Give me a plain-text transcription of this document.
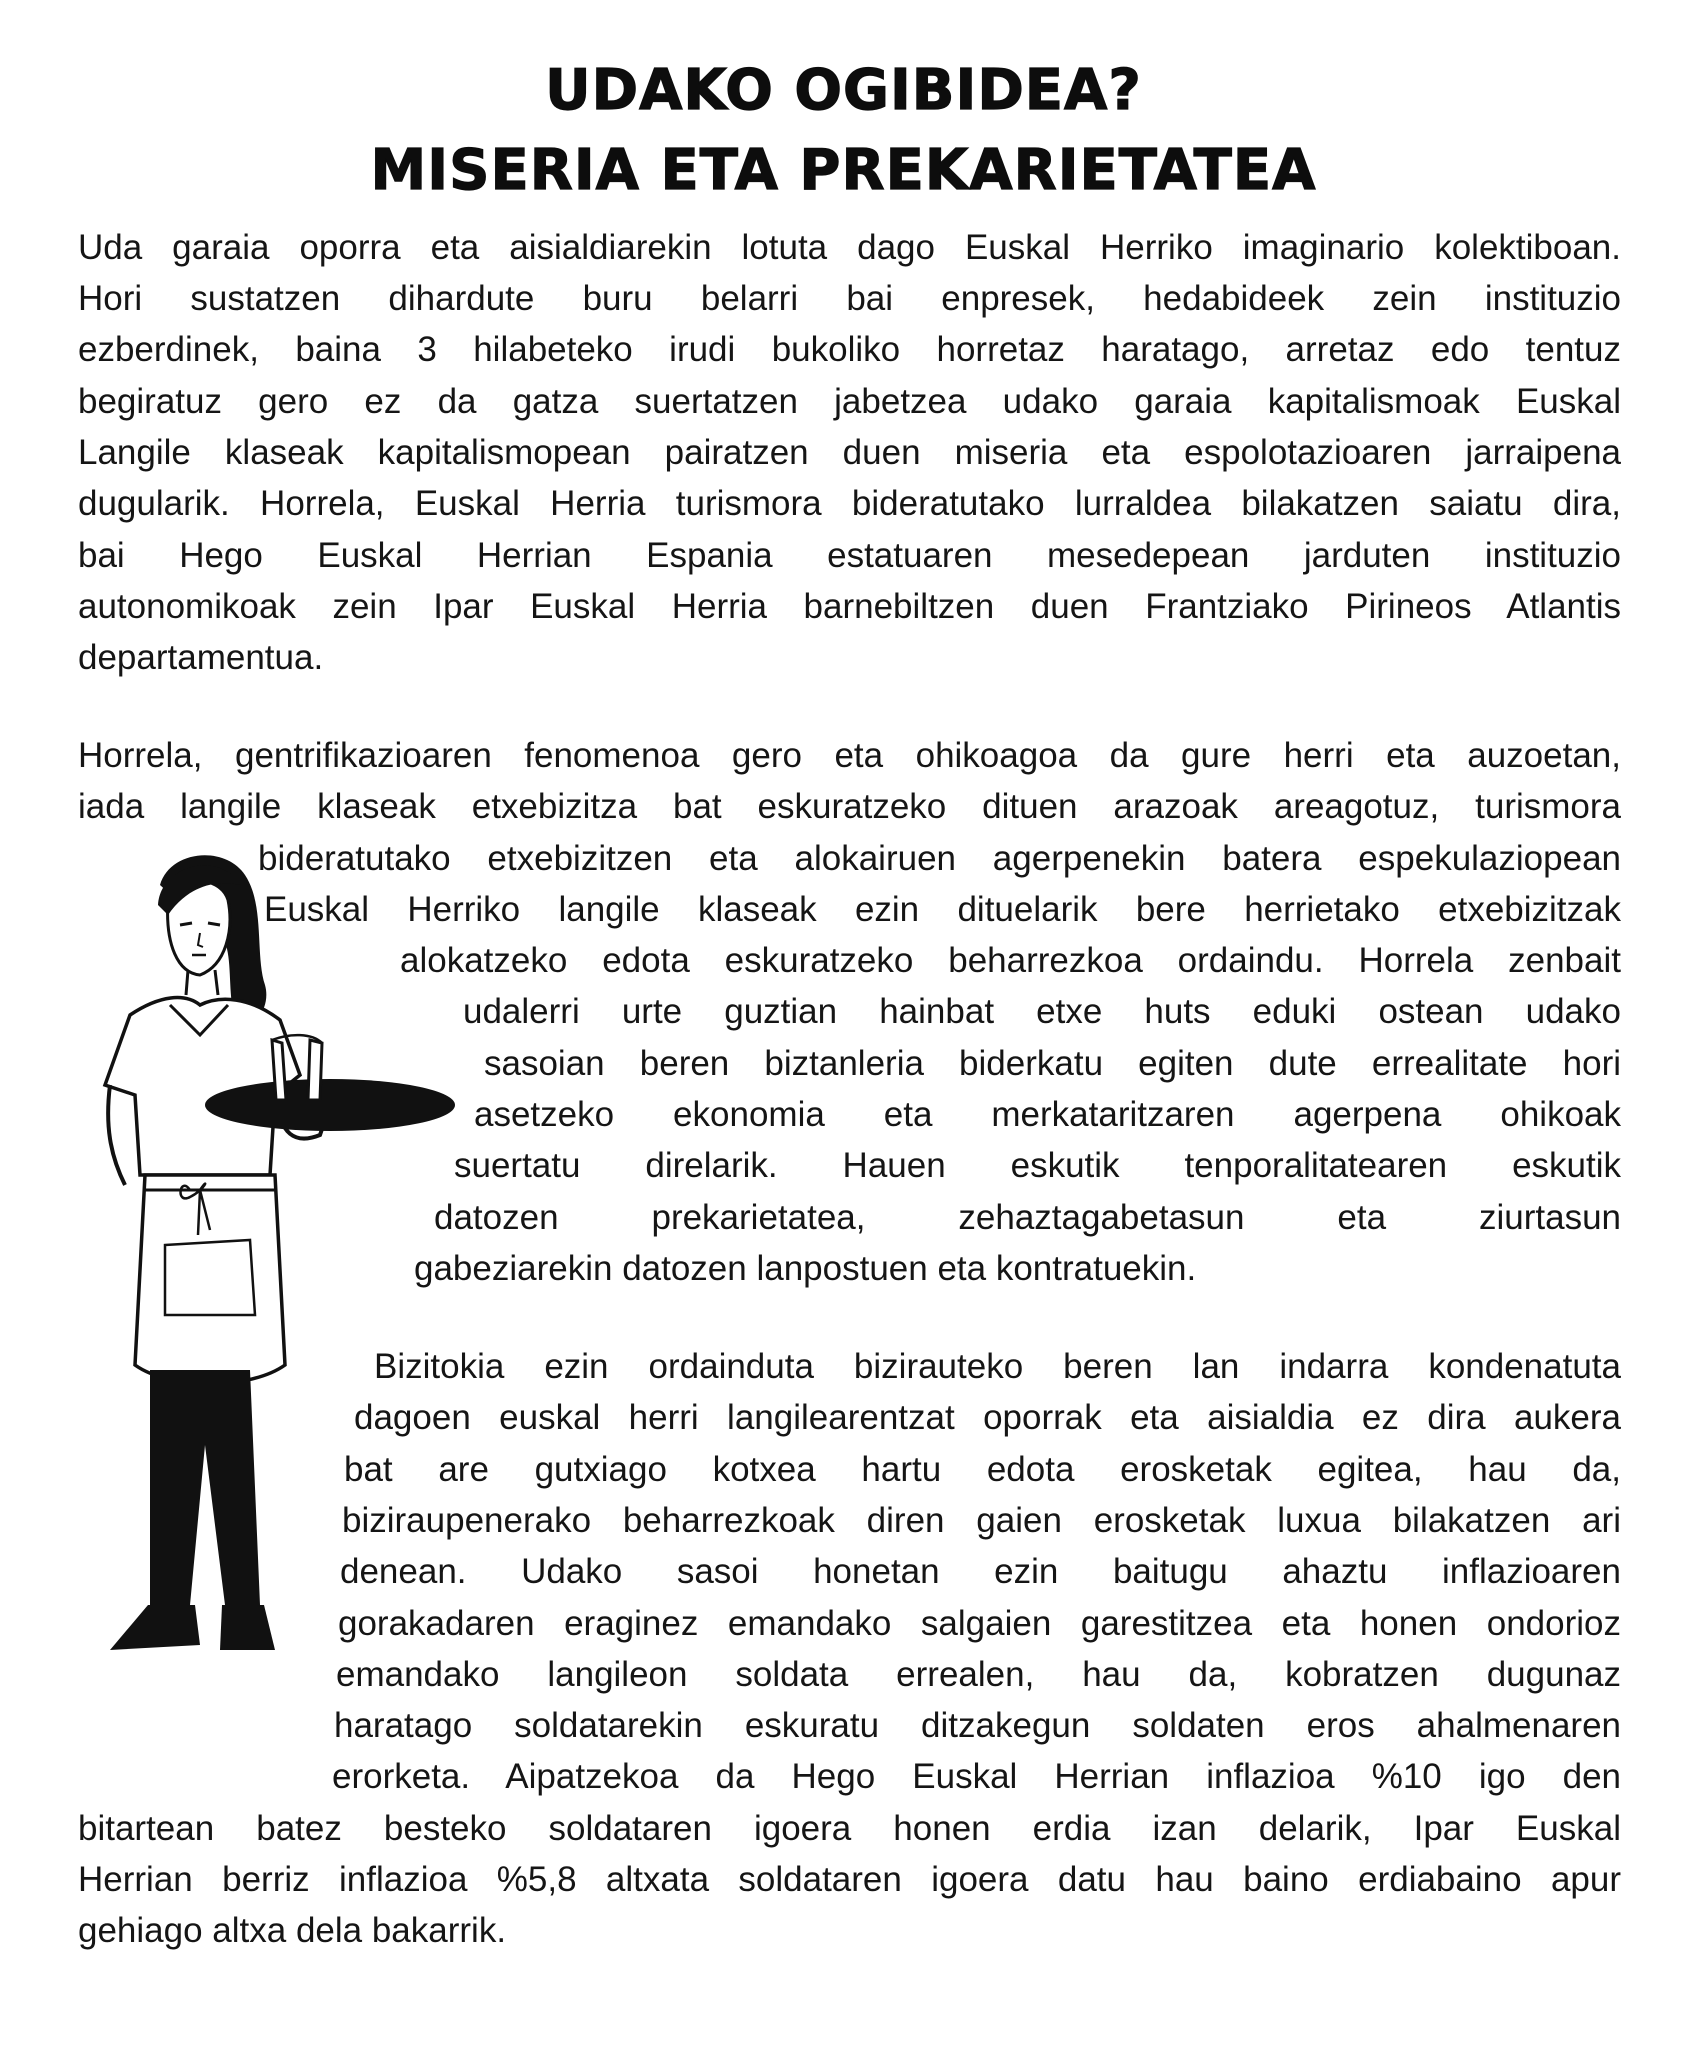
UDAKO OGIBIDEA?
MISERIA ETA PREKARIETATEA
Uda garaia oporra eta aisialdiarekin lotuta dago Euskal Herriko imaginario kolektiboan.
Hori sustatzen dihardute buru belarri bai enpresek, hedabideek zein instituzio
ezberdinek, baina 3 hilabeteko irudi bukoliko horretaz haratago, arretaz edo tentuz
begiratuz gero ez da gatza suertatzen jabetzea udako garaia kapitalismoak Euskal
Langile klaseak kapitalismopean pairatzen duen miseria eta espolotazioaren jarraipena
dugularik. Horrela, Euskal Herria turismora bideratutako lurraldea bilakatzen saiatu dira,
bai Hego Euskal Herrian Espania estatuaren mesedepean jarduten instituzio
autonomikoak zein Ipar Euskal Herria barnebiltzen duen Frantziako Pirineos Atlantis
departamentua.
Horrela, gentrifikazioaren fenomenoa gero eta ohikoagoa da gure herri eta auzoetan,
iada langile klaseak etxebizitza bat eskuratzeko dituen arazoak areagotuz, turismora
bideratutako etxebizitzen eta alokairuen agerpenekin batera espekulaziopean
Euskal Herriko langile klaseak ezin dituelarik bere herrietako etxebizitzak
alokatzeko edota eskuratzeko beharrezkoa ordaindu. Horrela zenbait
udalerri urte guztian hainbat etxe huts eduki ostean udako
sasoian beren biztanleria biderkatu egiten dute errealitate hori
asetzeko ekonomia eta merkataritzaren agerpena ohikoak
suertatu direlarik. Hauen eskutik tenporalitatearen eskutik
datozen prekarietatea, zehaztagabetasun eta ziurtasun
gabeziarekin datozen lanpostuen eta kontratuekin.
Bizitokia ezin ordainduta bizirauteko beren lan indarra kondenatuta
dagoen euskal herri langilearentzat oporrak eta aisialdia ez dira aukera
bat are gutxiago kotxea hartu edota erosketak egitea, hau da,
biziraupenerako beharrezkoak diren gaien erosketak luxua bilakatzen ari
denean. Udako sasoi honetan ezin baitugu ahaztu inflazioaren
gorakadaren eraginez emandako salgaien garestitzea eta honen ondorioz
emandako langileon soldata errealen, hau da, kobratzen dugunaz
haratago soldatarekin eskuratu ditzakegun soldaten eros ahalmenaren
erorketa. Aipatzekoa da Hego Euskal Herrian inflazioa %10 igo den
bitartean batez besteko soldataren igoera honen erdia izan delarik, Ipar Euskal
Herrian berriz inflazioa %5,8 altxata soldataren igoera datu hau baino erdiabaino apur
gehiago altxa dela bakarrik.
